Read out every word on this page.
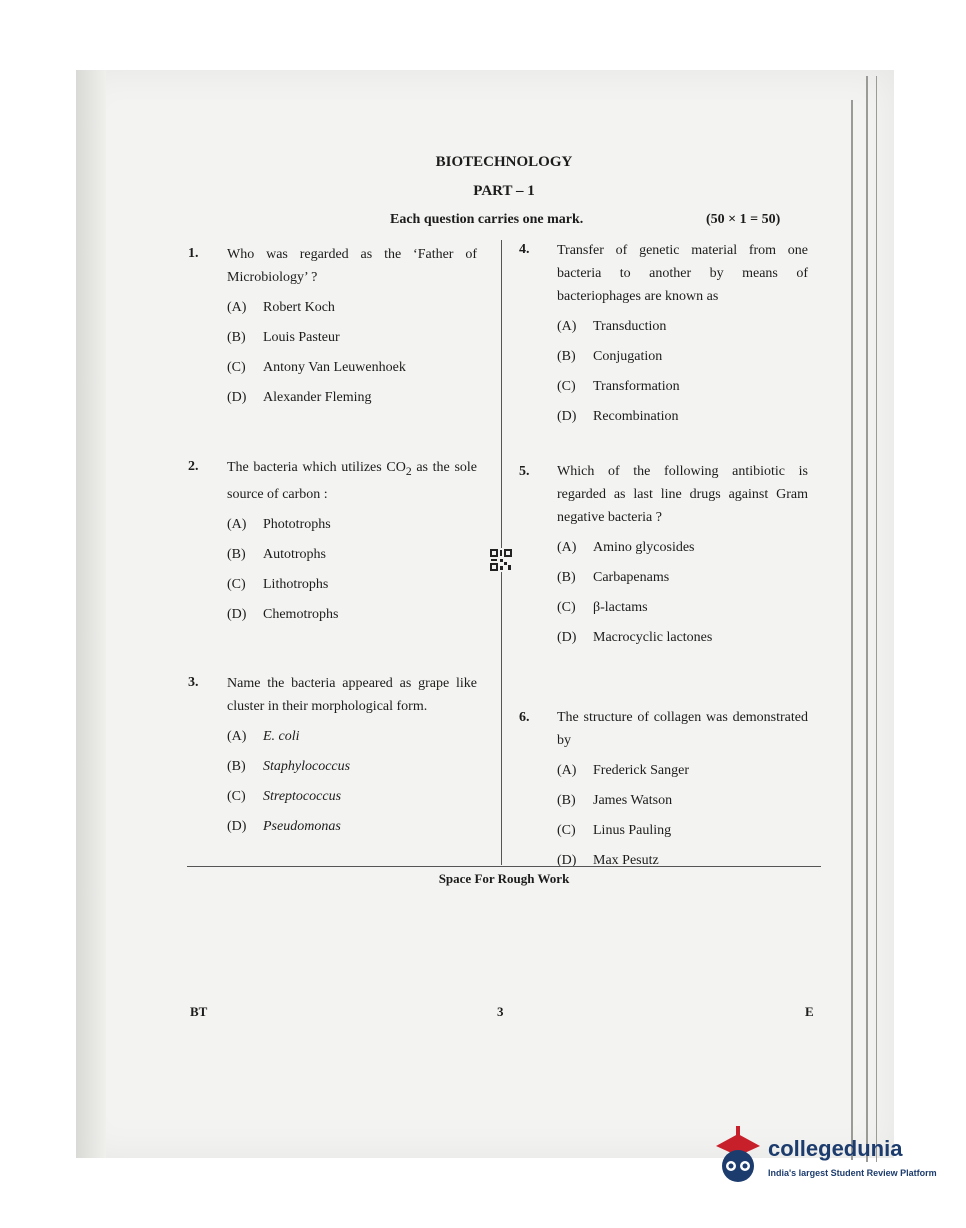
BIOTECHNOLOGY
PART – 1
Each question carries one mark.	(50 × 1 = 50)
1. Who was regarded as the ‘Father of Microbiology’ ?
(A)	Robert Koch
(B)	Louis Pasteur
(C)	Antony Van Leuwenhoek
(D)	Alexander Fleming
2. The bacteria which utilizes $CO_2$ as the sole source of carbon :
(A)	Phototrophs
(B)	Autotrophs
(C)	Lithotrophs
(D)	Chemotrophs
3. Name the bacteria appeared as grape like cluster in their morphological form.
(A)	E. coli
(B)	Staphylococcus
(C)	Streptococcus
(D)	Pseudomonas
4. Transfer of genetic material from one bacteria to another by means of bacteriophages are known as
(A)	Transduction
(B)	Conjugation
(C)	Transformation
(D)	Recombination
5. Which of the following antibiotic is regarded as last line drugs against Gram negative bacteria ?
(A)	Amino glycosides
(B)	Carbapenams
(C)	β-lactams
(D)	Macrocyclic lactones
6. The structure of collagen was demonstrated by
(A)	Frederick Sanger
(B)	James Watson
(C)	Linus Pauling
(D)	Max Pesutz
Space For Rough Work
BT	3	E
collegedunia
India's largest Student Review Platform
